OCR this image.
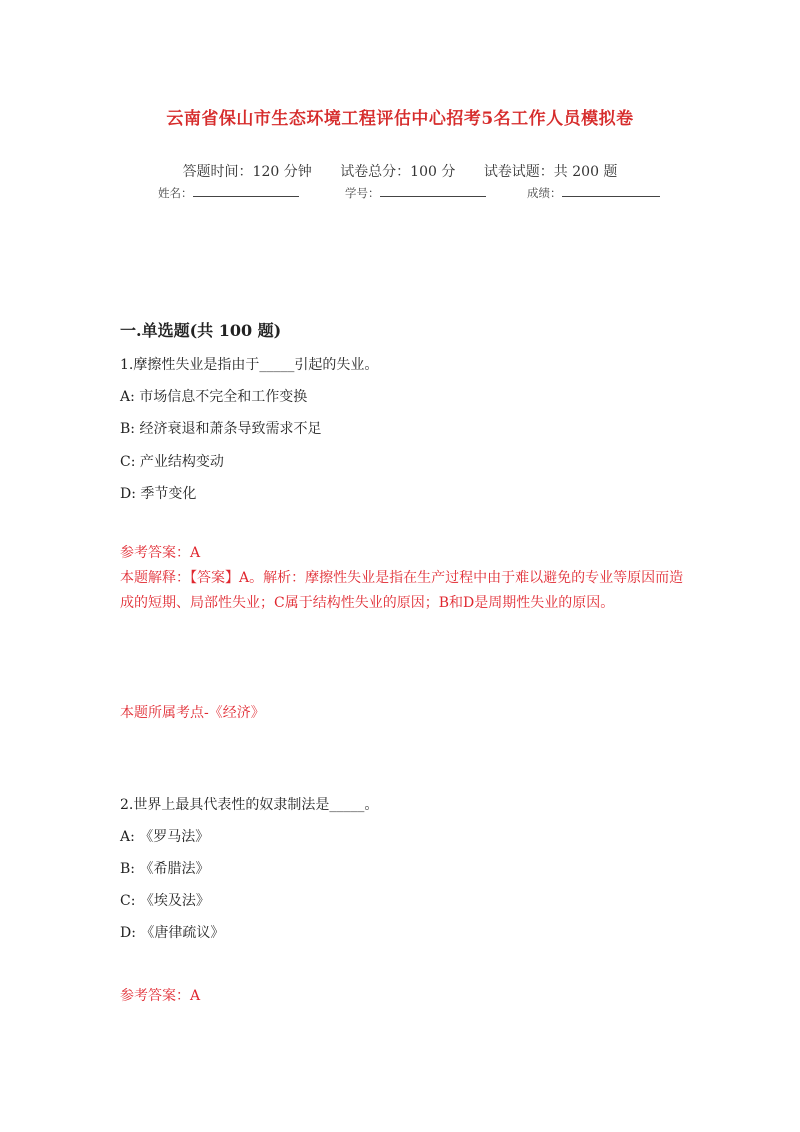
云南省保山市生态环境工程评估中心招考5名工作人员模拟卷
答题时间：120 分钟 试卷总分：100 分 试卷试题：共 200 题
姓名：	学号：	成绩：
一.单选题(共 100 题)
1.摩擦性失业是指由于_____引起的失业。
A: 市场信息不完全和工作变换
B: 经济衰退和萧条导致需求不足
C: 产业结构变动
D: 季节变化
参考答案：A
本题解释：【答案】A。解析：摩擦性失业是指在生产过程中由于难以避免的专业等原因而造成的短期、局部性失业；C属于结构性失业的原因；B和D是周期性失业的原因。
本题所属考点-《经济》
2.世界上最具代表性的奴隶制法是_____。
A: 《罗马法》
B: 《希腊法》
C: 《埃及法》
D: 《唐律疏议》
参考答案：A
